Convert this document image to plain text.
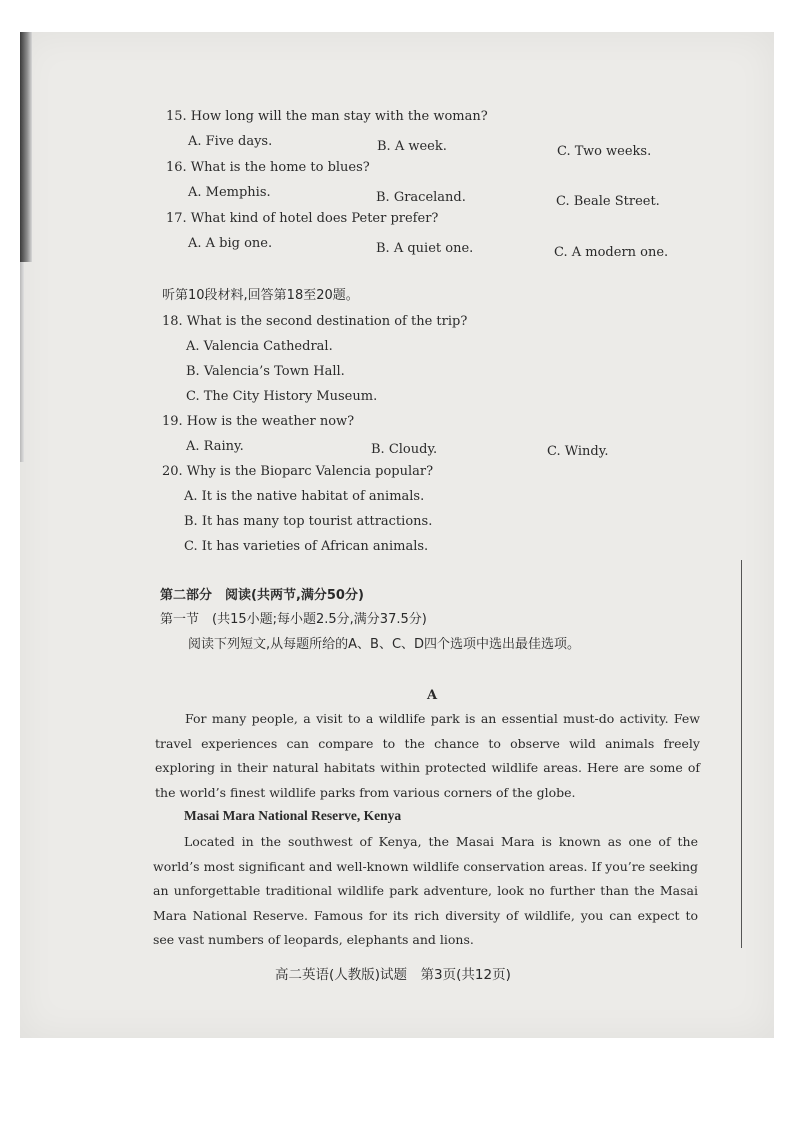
15. How long will the man stay with the woman?
A. Five days.	B. A week.	C. Two weeks.
16. What is the home to blues?
A. Memphis.	B. Graceland.	C. Beale Street.
17. What kind of hotel does Peter prefer?
A. A big one.	B. A quiet one.	C. A modern one.
听第10段材料,回答第18至20题。
18. What is the second destination of the trip?
A. Valencia Cathedral.
B. Valencia’s Town Hall.
C. The City History Museum.
19. How is the weather now?
A. Rainy.	B. Cloudy.	C. Windy.
20. Why is the Bioparc Valencia popular?
A. It is the native habitat of animals.
B. It has many top tourist attractions.
C. It has varieties of African animals.
第二部分　阅读(共两节,满分50分)
第一节　(共15小题;每小题2.5分,满分37.5分)
阅读下列短文,从每题所给的A、B、C、D四个选项中选出最佳选项。
A
For many people, a visit to a wildlife park is an essential must-do activity. Few travel experiences can compare to the chance to observe wild animals freely exploring in their natural habitats within protected wildlife areas. Here are some of the world’s finest wildlife parks from various corners of the globe.
Masai Mara National Reserve, Kenya
Located in the southwest of Kenya, the Masai Mara is known as one of the world’s most significant and well-known wildlife conservation areas. If you’re seeking an unforgettable traditional wildlife park adventure, look no further than the Masai Mara National Reserve. Famous for its rich diversity of wildlife, you can expect to see vast numbers of leopards, elephants and lions.
高二英语(人教版)试题　第3页(共12页)
